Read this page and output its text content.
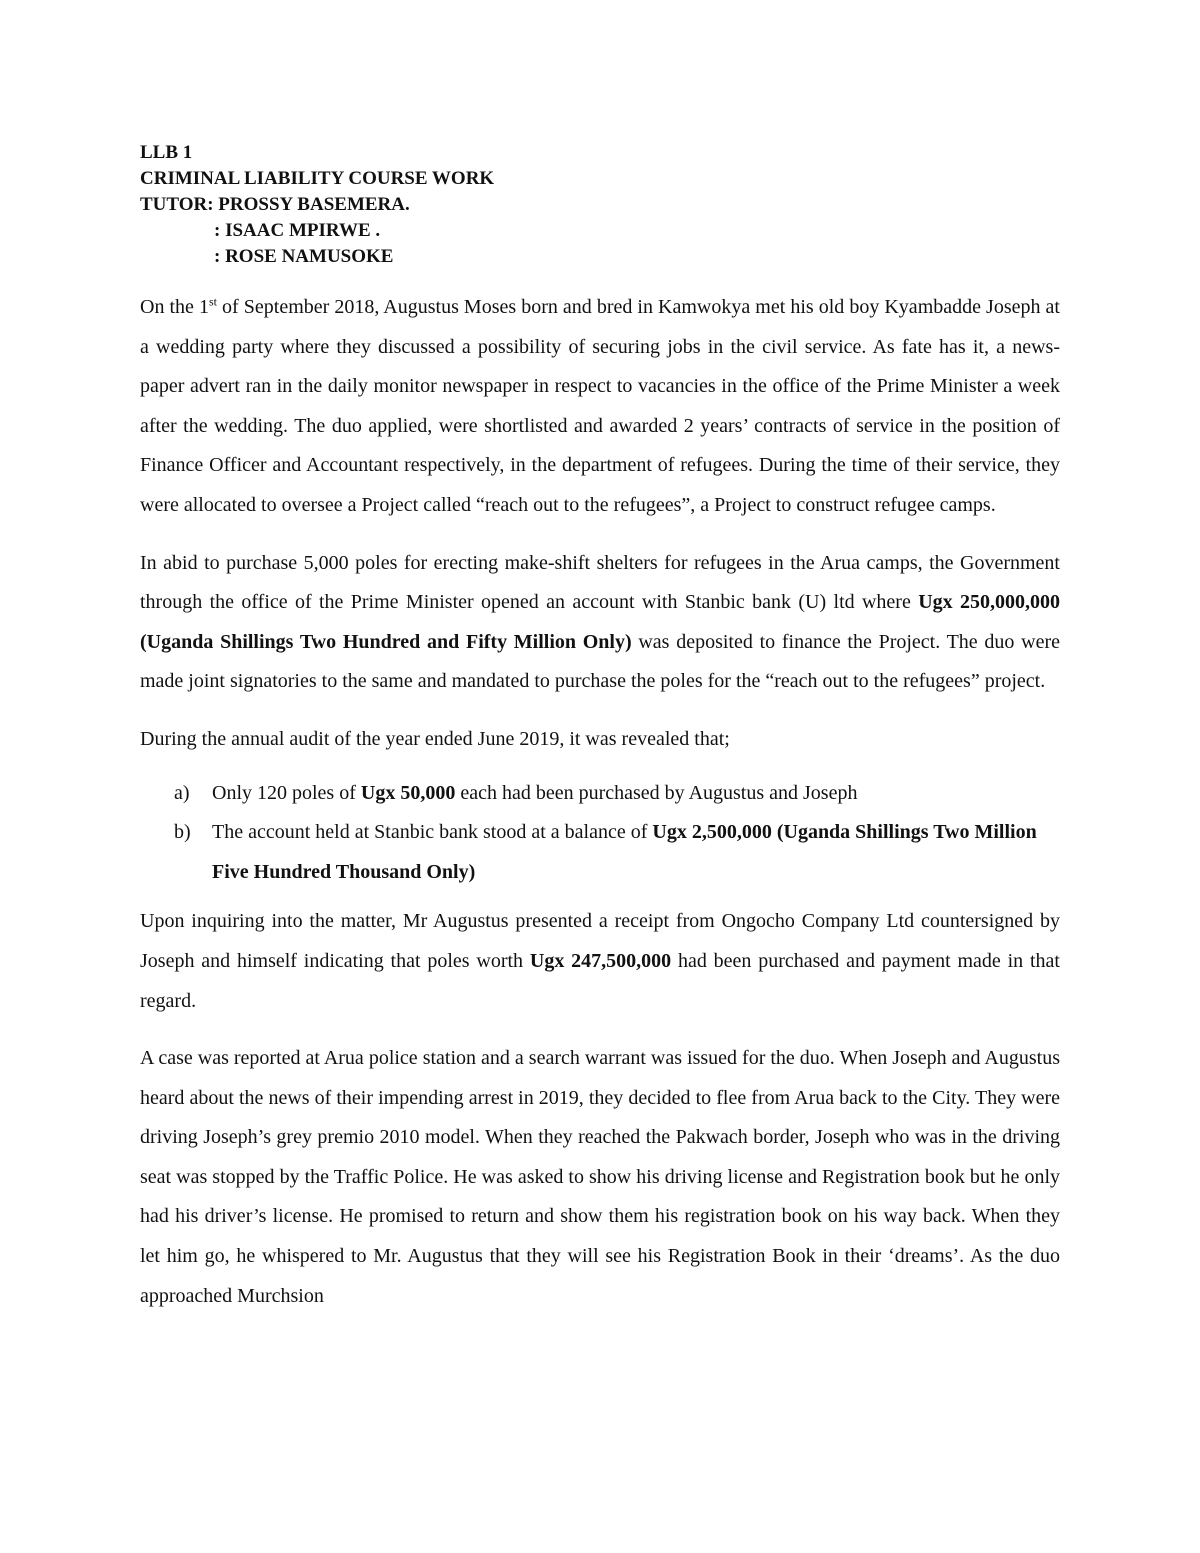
LLB 1
CRIMINAL LIABILITY COURSE WORK
TUTOR: PROSSY BASEMERA.
: ISAAC MPIRWE .
: ROSE NAMUSOKE

On the 1st of September 2018, Augustus Moses born and bred in Kamwokya met his old boy Kyambadde Joseph at a wedding party where they discussed a possibility of securing jobs in the civil service. As fate has it, a news-paper advert ran in the daily monitor newspaper in respect to vacancies in the office of the Prime Minister a week after the wedding. The duo applied, were shortlisted and awarded 2 years’ contracts of service in the position of Finance Officer and Accountant respectively, in the department of refugees. During the time of their service, they were allocated to oversee a Project called “reach out to the refugees”, a Project to construct refugee camps.

In abid to purchase 5,000 poles for erecting make-shift shelters for refugees in the Arua camps, the Government through the office of the Prime Minister opened an account with Stanbic bank (U) ltd where Ugx 250,000,000 (Uganda Shillings Two Hundred and Fifty Million Only) was deposited to finance the Project. The duo were made joint signatories to the same and mandated to purchase the poles for the “reach out to the refugees” project.

During the annual audit of the year ended June 2019, it was revealed that;

a) Only 120 poles of Ugx 50,000 each had been purchased by Augustus and Joseph
b) The account held at Stanbic bank stood at a balance of Ugx 2,500,000 (Uganda Shillings Two Million Five Hundred Thousand Only)

Upon inquiring into the matter, Mr Augustus presented a receipt from Ongocho Company Ltd countersigned by Joseph and himself indicating that poles worth Ugx 247,500,000 had been purchased and payment made in that regard.

A case was reported at Arua police station and a search warrant was issued for the duo. When Joseph and Augustus heard about the news of their impending arrest in 2019, they decided to flee from Arua back to the City. They were driving Joseph’s grey premio 2010 model. When they reached the Pakwach border, Joseph who was in the driving seat was stopped by the Traffic Police. He was asked to show his driving license and Registration book but he only had his driver’s license. He promised to return and show them his registration book on his way back. When they let him go, he whispered to Mr. Augustus that they will see his Registration Book in their ‘dreams’. As the duo approached Murchsion
